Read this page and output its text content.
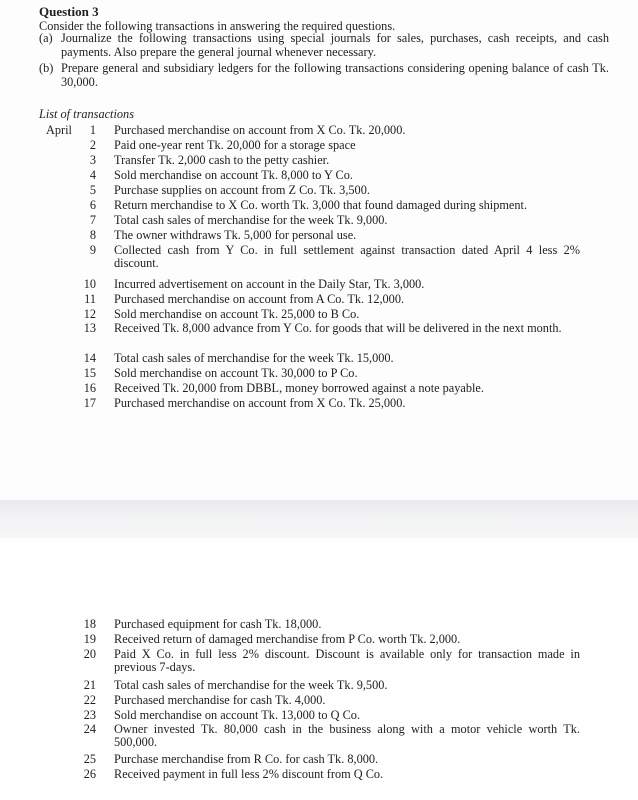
Question 3
Consider the following transactions in answering the required questions.
(a) Journalize the following transactions using special journals for sales, purchases, cash receipts, and cash payments. Also prepare the general journal whenever necessary.
(b) Prepare general and subsidiary ledgers for the following transactions considering opening balance of cash Tk. 30,000.
List of transactions
April	1 Purchased merchandise on account from X Co. Tk. 20,000.
2 Paid one-year rent Tk. 20,000 for a storage space
3 Transfer Tk. 2,000 cash to the petty cashier.
4 Sold merchandise on account Tk. 8,000 to Y Co.
5 Purchase supplies on account from Z Co. Tk. 3,500.
6 Return merchandise to X Co. worth Tk. 3,000 that found damaged during shipment.
7 Total cash sales of merchandise for the week Tk. 9,000.
8 The owner withdraws Tk. 5,000 for personal use.
9 Collected cash from Y Co. in full settlement against transaction dated April 4 less 2% discount.
10 Incurred advertisement on account in the Daily Star, Tk. 3,000.
11 Purchased merchandise on account from A Co. Tk. 12,000.
12 Sold merchandise on account Tk. 25,000 to B Co.
13 Received Tk. 8,000 advance from Y Co. for goods that will be delivered in the next month.
14 Total cash sales of merchandise for the week Tk. 15,000.
15 Sold merchandise on account Tk. 30,000 to P Co.
16 Received Tk. 20,000 from DBBL, money borrowed against a note payable.
17 Purchased merchandise on account from X Co. Tk. 25,000.
18 Purchased equipment for cash Tk. 18,000.
19 Received return of damaged merchandise from P Co. worth Tk. 2,000.
20 Paid X Co. in full less 2% discount. Discount is available only for transaction made in previous 7-days.
21 Total cash sales of merchandise for the week Tk. 9,500.
22 Purchased merchandise for cash Tk. 4,000.
23 Sold merchandise on account Tk. 13,000 to Q Co.
24 Owner invested Tk. 80,000 cash in the business along with a motor vehicle worth Tk. 500,000.
25 Purchase merchandise from R Co. for cash Tk. 8,000.
26 Received payment in full less 2% discount from Q Co.
